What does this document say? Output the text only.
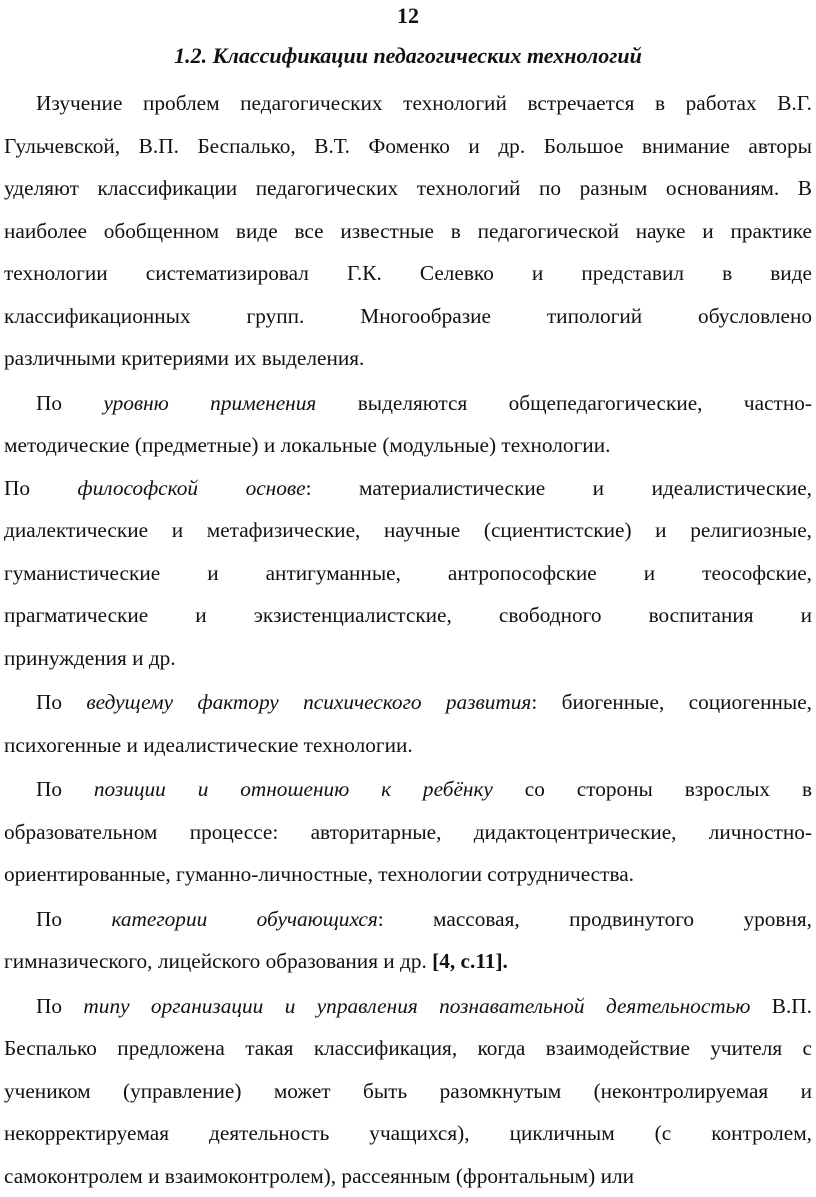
12
1.2. Классификации педагогических технологий
Изучение проблем педагогических технологий встречается в работах В.Г.
Гульчевской, В.П. Беспалько, В.Т. Фоменко и др. Большое внимание авторы
уделяют классификации педагогических технологий по разным основаниям. В
наиболее обобщенном виде все известные в педагогической науке и практике
технологии систематизировал Г.К. Селевко и представил в виде
классификационных групп. Многообразие типологий обусловлено
различными критериями их выделения.
По уровню применения выделяются общепедагогические, частно-
методические (предметные) и локальные (модульные) технологии.
По философской основе: материалистические и идеалистические,
диалектические и метафизические, научные (сциентистские) и религиозные,
гуманистические и антигуманные, антропософские и теософские,
прагматические и экзистенциалистские, свободного воспитания и
принуждения и др.
По ведущему фактору психического развития: биогенные, социогенные,
психогенные и идеалистические технологии.
По позиции и отношению к ребёнку со стороны взрослых в
образовательном процессе: авторитарные, дидактоцентрические, личностно-
ориентированные, гуманно-личностные, технологии сотрудничества.
По категории обучающихся: массовая, продвинутого уровня,
гимназического, лицейского образования и др. [4, с.11].
По типу организации и управления познавательной деятельностью В.П.
Беспалько предложена такая классификация, когда взаимодействие учителя с
учеником (управление) может быть разомкнутым (неконтролируемая и
некорректируемая деятельность учащихся), цикличным (с контролем,
самоконтролем и взаимоконтролем), рассеянным (фронтальным) или
